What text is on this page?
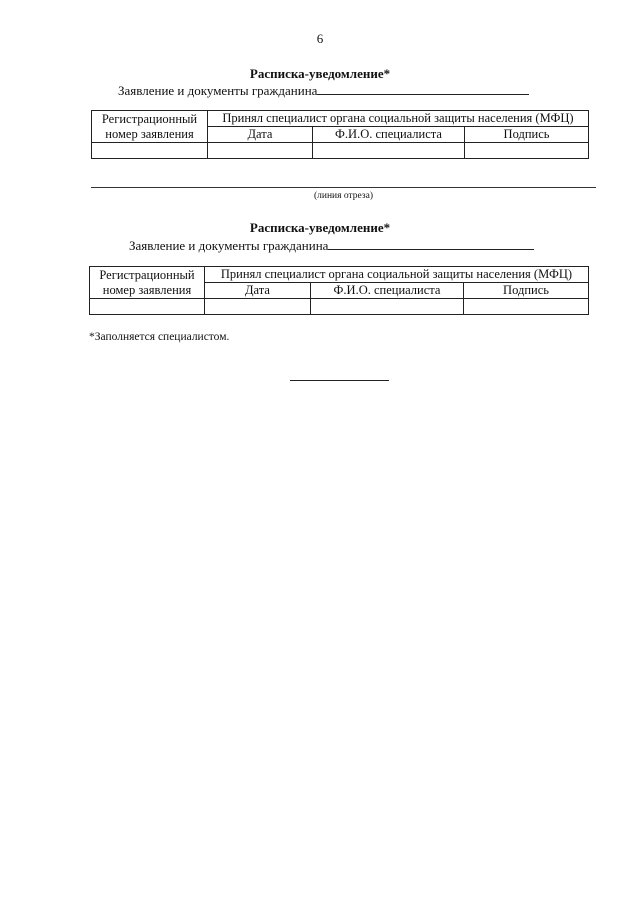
6
Расписка-уведомление*
Заявление и документы гражданина
Регистрационный
номер заявления	Принял специалист органа социальной защиты населения (МФЦ)		
	Дата	Ф.И.О. специалиста	Подпись

(линия отреза)
Расписка-уведомление*
Заявление и документы гражданина
Регистрационный
номер заявления	Принял специалист органа социальной защиты населения (МФЦ)		
	Дата	Ф.И.О. специалиста	Подпись

*Заполняется специалистом.
